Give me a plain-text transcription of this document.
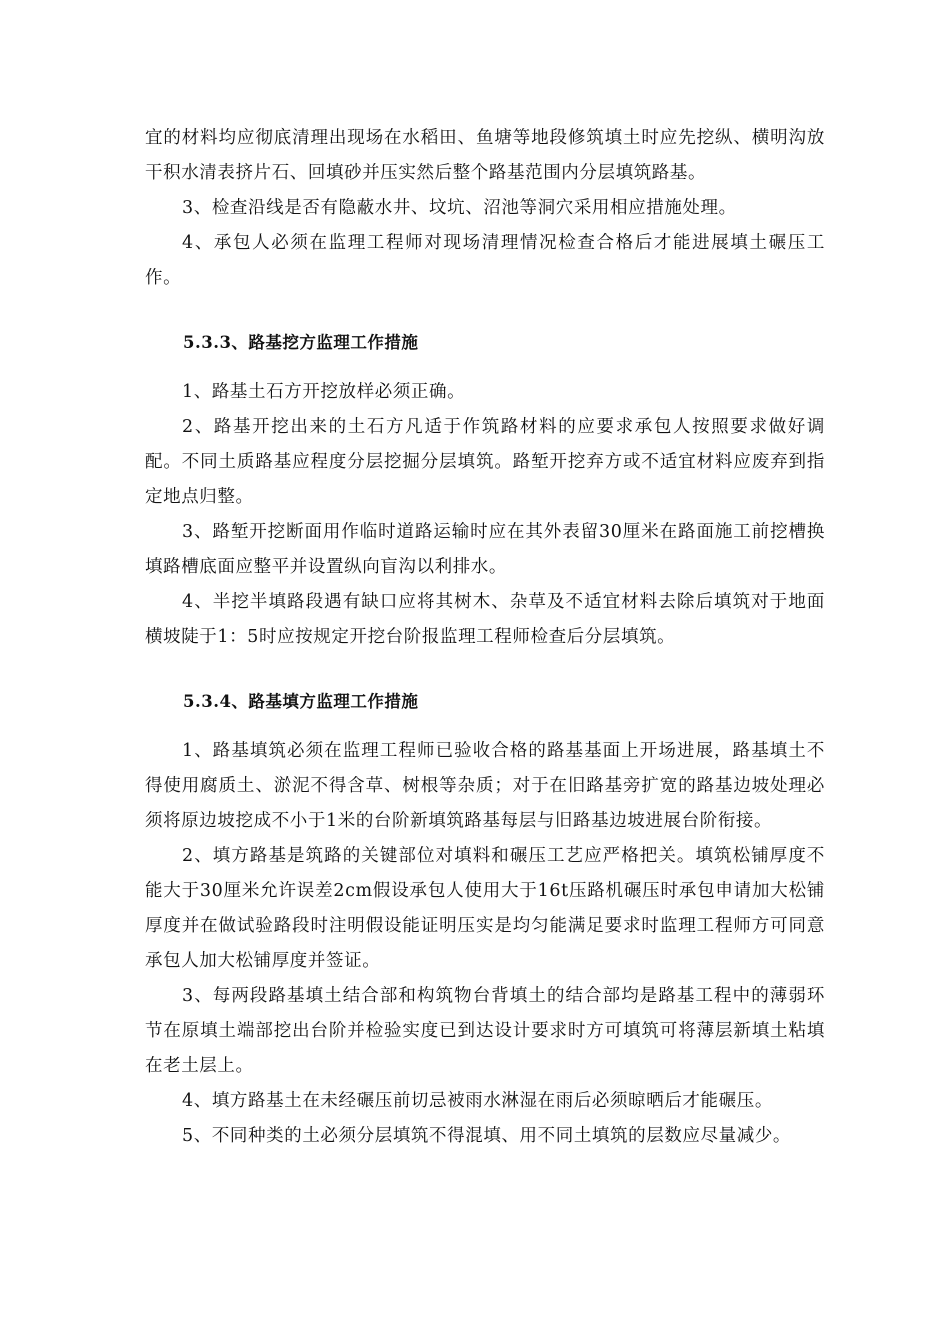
宜的材料均应彻底清理出现场在水稻田、鱼塘等地段修筑填土时应先挖纵、横明沟放干积水清表挤片石、回填砂并压实然后整个路基范围内分层填筑路基。

3、检查沿线是否有隐蔽水井、坟坑、沼池等洞穴采用相应措施处理。

4、承包人必须在监理工程师对现场清理情况检查合格后才能进展填土碾压工作。

5.3.3、路基挖方监理工作措施

1、路基土石方开挖放样必须正确。

2、路基开挖出来的土石方凡适于作筑路材料的应要求承包人按照要求做好调配。不同土质路基应程度分层挖掘分层填筑。路堑开挖弃方或不适宜材料应废弃到指定地点归整。

3、路堑开挖断面用作临时道路运输时应在其外表留30厘米在路面施工前挖槽换填路槽底面应整平并设置纵向盲沟以利排水。

4、半挖半填路段遇有缺口应将其树木、杂草及不适宜材料去除后填筑对于地面横坡陡于1：5时应按规定开挖台阶报监理工程师检查后分层填筑。

5.3.4、路基填方监理工作措施

1、路基填筑必须在监理工程师已验收合格的路基基面上开场进展，路基填土不得使用腐质土、淤泥不得含草、树根等杂质；对于在旧路基旁扩宽的路基边坡处理必须将原边坡挖成不小于1米的台阶新填筑路基每层与旧路基边坡进展台阶衔接。

2、填方路基是筑路的关键部位对填料和碾压工艺应严格把关。填筑松铺厚度不能大于30厘米允许误差2cm假设承包人使用大于16t压路机碾压时承包申请加大松铺厚度并在做试验路段时注明假设能证明压实是均匀能满足要求时监理工程师方可同意承包人加大松铺厚度并签证。

3、每两段路基填土结合部和构筑物台背填土的结合部均是路基工程中的薄弱环节在原填土端部挖出台阶并检验实度已到达设计要求时方可填筑可将薄层新填土粘填在老土层上。

4、填方路基土在未经碾压前切忌被雨水淋湿在雨后必须晾晒后才能碾压。

5、不同种类的土必须分层填筑不得混填、用不同土填筑的层数应尽量减少。
